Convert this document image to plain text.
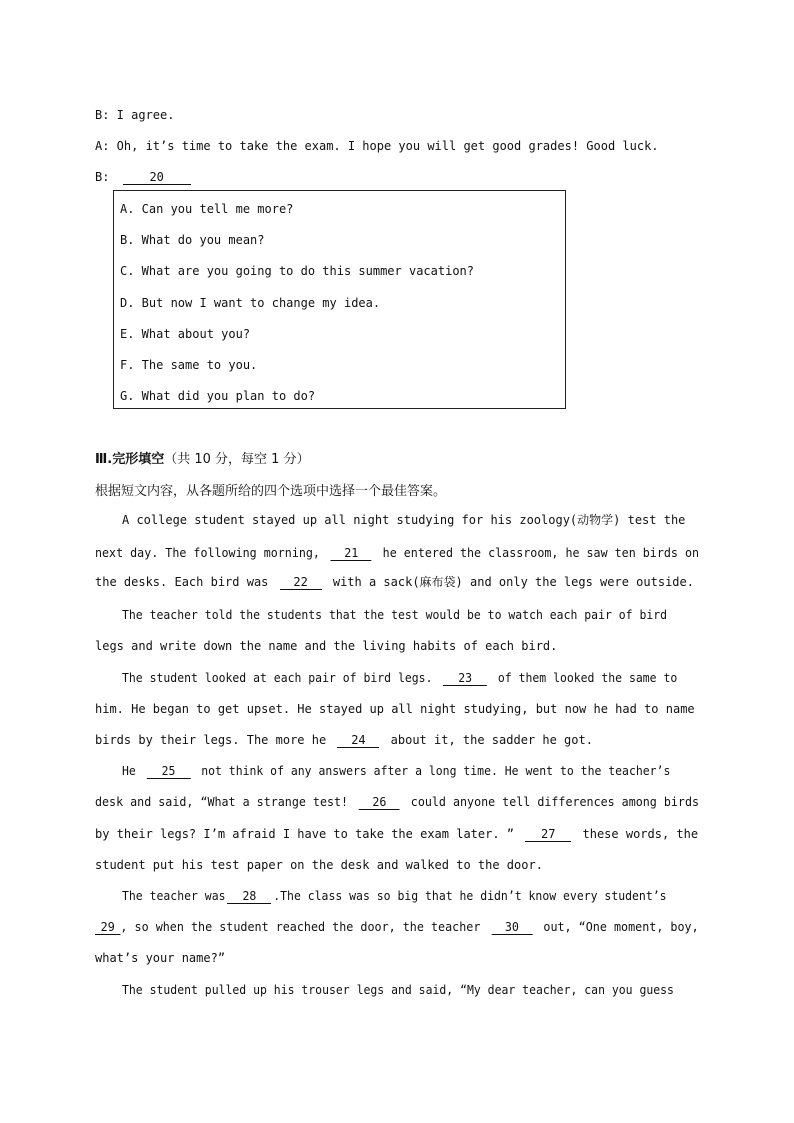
B: I agree.
A: Oh, it’s time to take the exam. I hope you will get good grades! Good luck.
B:	20
A. Can you tell me more?
B. What do you mean?
C. What are you going to do this summer vacation?
D. But now I want to change my idea.
E. What about you?
F. The same to you.
G. What did you plan to do?
Ⅲ.完形填空（共 10 分，每空 1 分）
根据短文内容，从各题所给的四个选项中选择一个最佳答案。
A college student stayed up all night studying for his zoology(动物学) test the
next day. The following morning, 21 he entered the classroom, he saw ten birds on
the desks. Each bird was 22 with a sack(麻布袋) and only the legs were outside.
The teacher told the students that the test would be to watch each pair of bird
legs and write down the name and the living habits of each bird.
The student looked at each pair of bird legs. 23 of them looked the same to
him. He began to get upset. He stayed up all night studying, but now he had to name
birds by their legs. The more he 24 about it, the sadder he got.
He 25 not think of any answers after a long time. He went to the teacher’s
desk and said, “What a strange test! 26 could anyone tell differences among birds
by their legs? I’m afraid I have to take the exam later. ” 27 these words, the
student put his test paper on the desk and walked to the door.
The teacher was 28 .The class was so big that he didn’t know every student’s
29 , so when the student reached the door, the teacher 30 out, “One moment, boy,
what’s your name?”
The student pulled up his trouser legs and said, “My dear teacher, can you guess
